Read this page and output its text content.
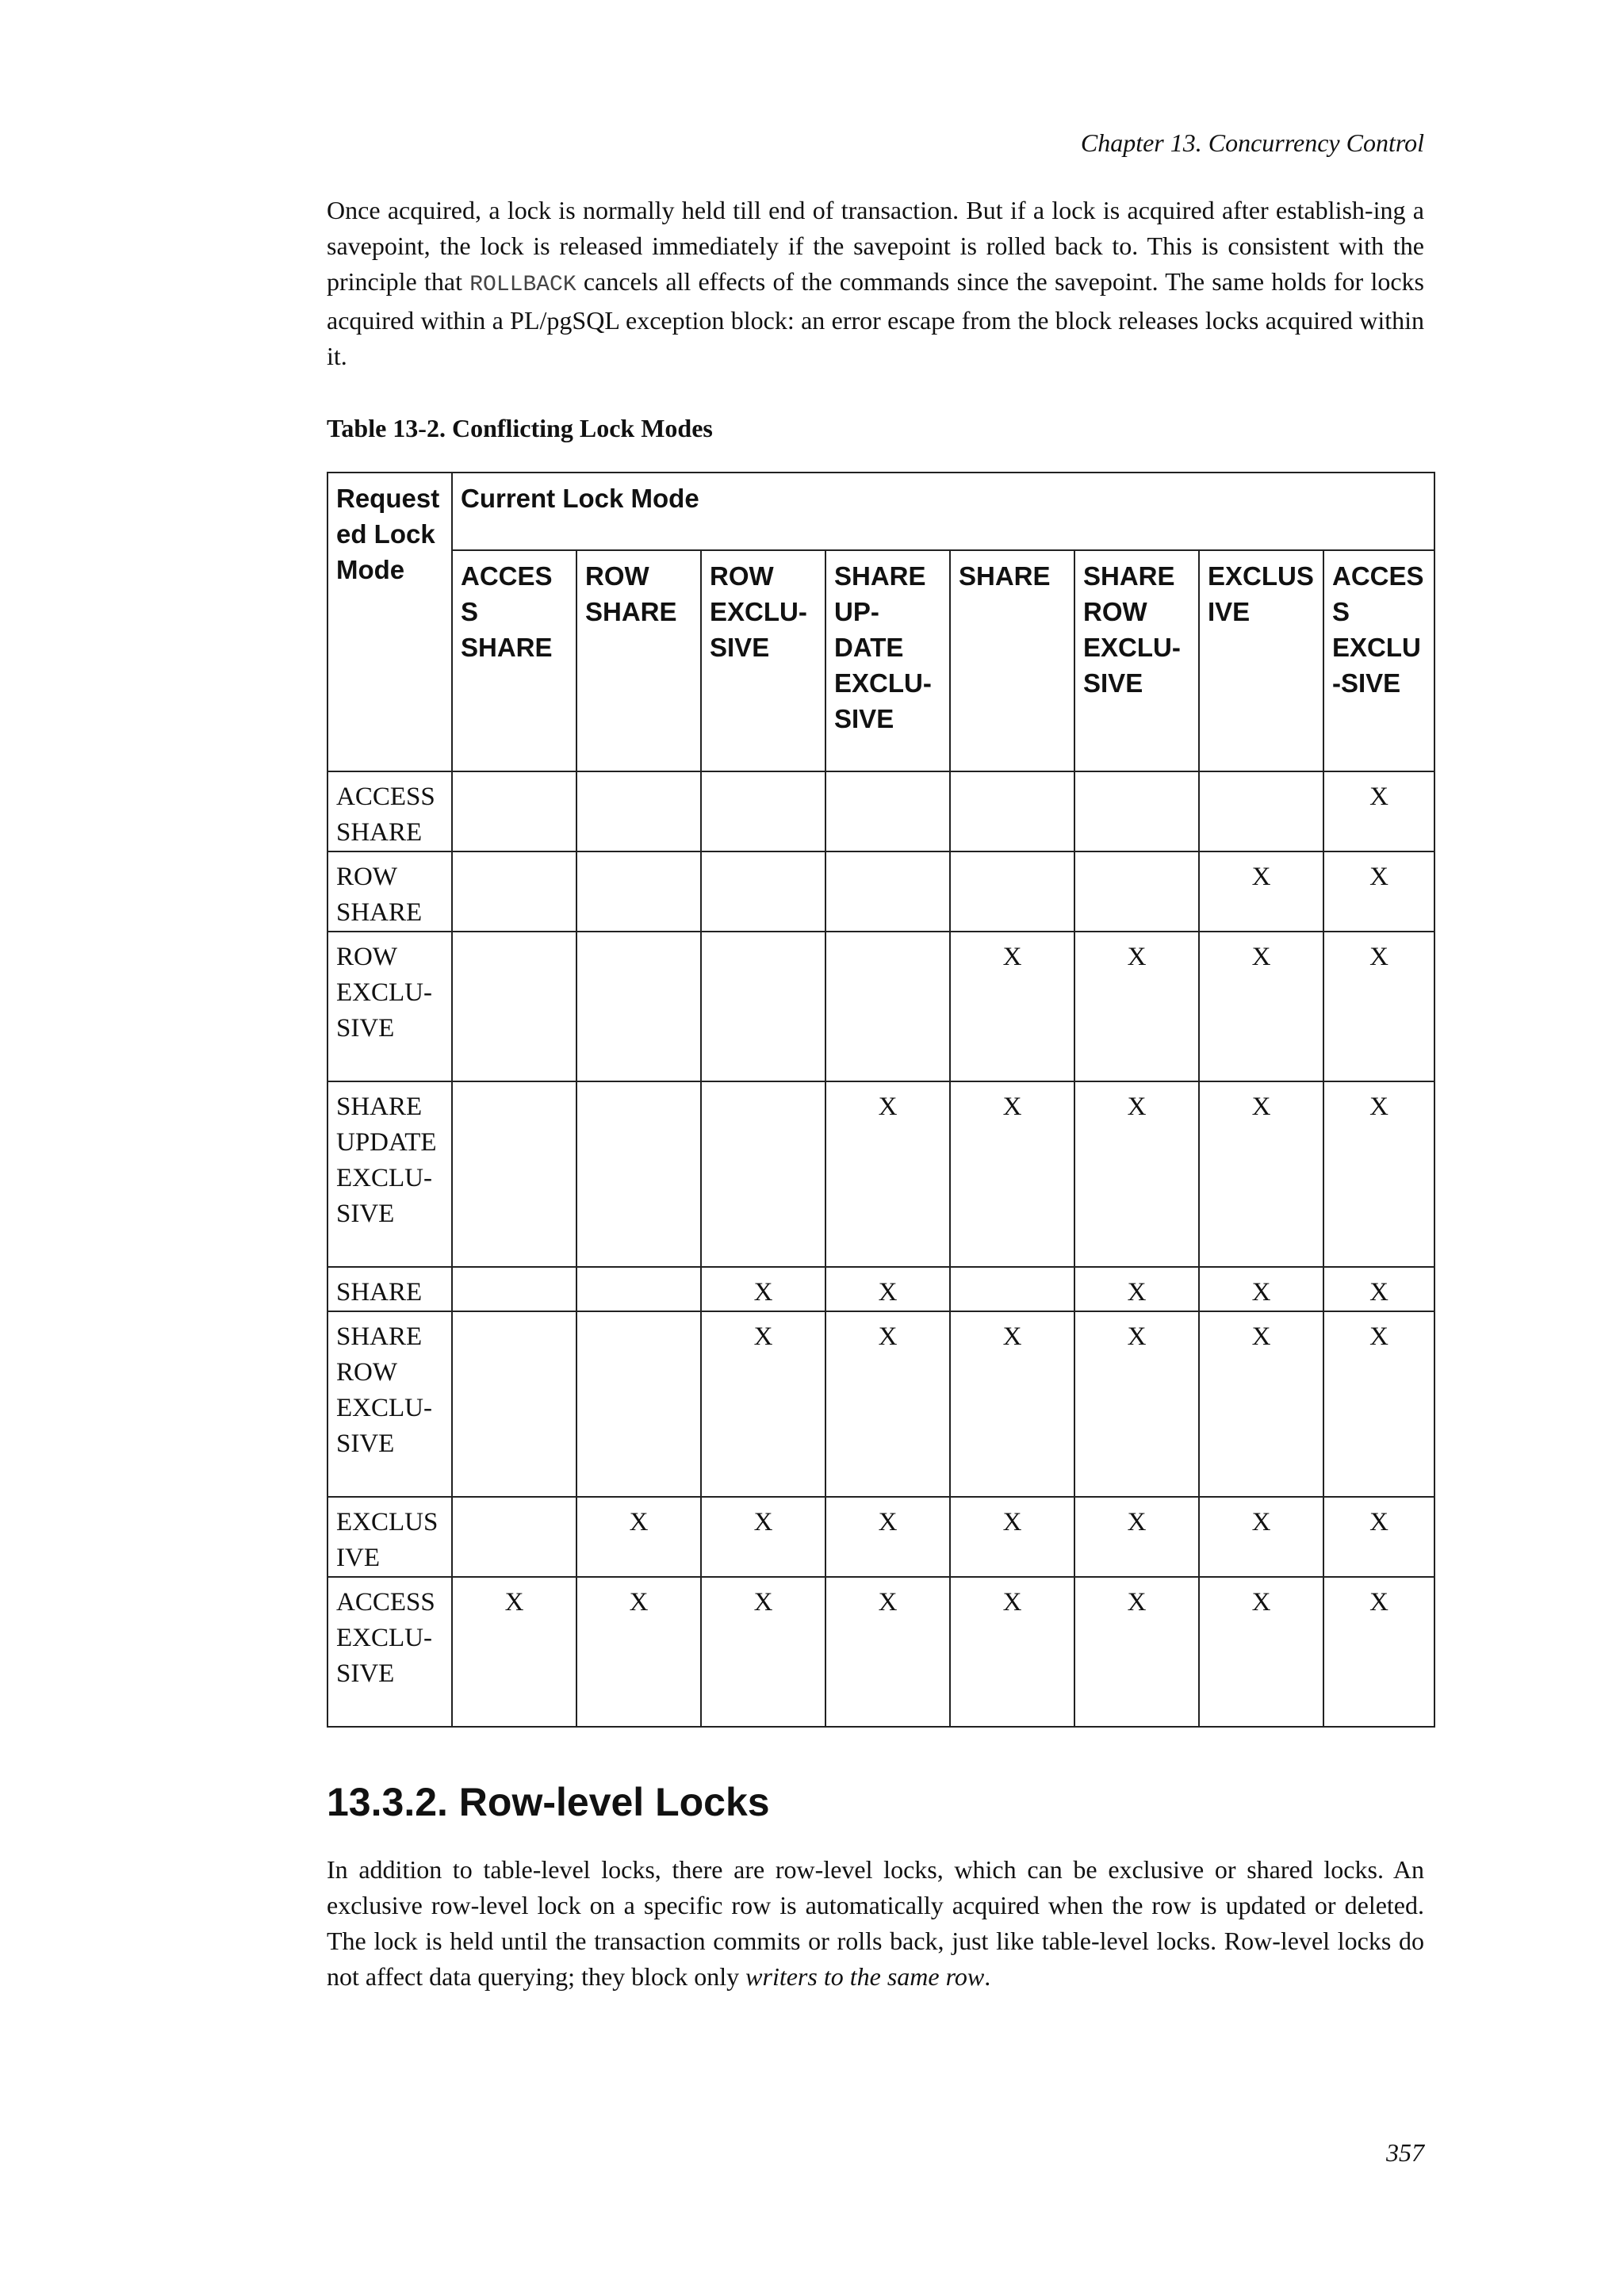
Chapter 13. Concurrency Control

Once acquired, a lock is normally held till end of transaction. But if a lock is acquired after establish-ing a savepoint, the lock is released immediately if the savepoint is rolled back to. This is consistent with the principle that ROLLBACK cancels all effects of the commands since the savepoint. The same holds for locks acquired within a PL/pgSQL exception block: an error escape from the block releases locks acquired within it.

Table 13-2. Conflicting Lock Modes
Requested Lock Mode	Current Lock Mode							
	ACCESS SHARE	ROW SHARE	ROW EXCLU-SIVE	SHARE UP-DATE EXCLU-SIVE	SHARE	SHARE ROW EXCLU-SIVE	EXCLUSIVE	ACCESS EXCLU-SIVE
ACCESS SHARE								X
ROW SHARE							X	X
ROW EXCLU-SIVE					X	X	X	X
SHARE UPDATE EXCLU-SIVE				X	X	X	X	X
SHARE			X	X		X	X	X
SHARE ROW EXCLU-SIVE			X	X	X	X	X	X
EXCLUSIVE		X	X	X	X	X	X	X
ACCESS EXCLU-SIVE	X	X	X	X	X	X	X	X
13.3.2. Row-level Locks

In addition to table-level locks, there are row-level locks, which can be exclusive or shared locks. An exclusive row-level lock on a specific row is automatically acquired when the row is updated or deleted. The lock is held until the transaction commits or rolls back, just like table-level locks. Row-level locks do not affect data querying; they block only writers to the same row.

357
